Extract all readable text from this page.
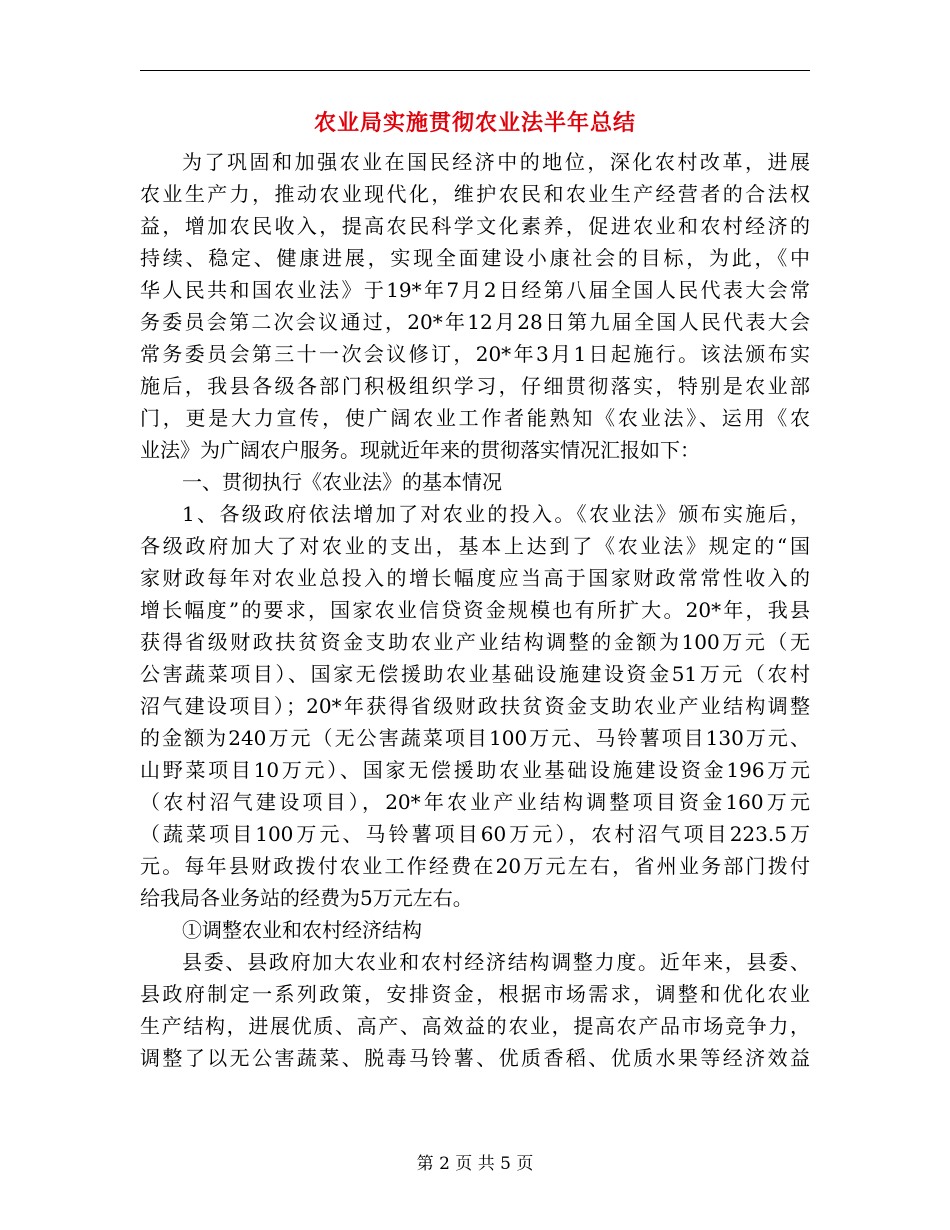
农业局实施贯彻农业法半年总结
为了巩固和加强农业在国民经济中的地位，深化农村改革，进展
农业生产力，推动农业现代化，维护农民和农业生产经营者的合法权
益，增加农民收入，提高农民科学文化素养，促进农业和农村经济的
持续、稳定、健康进展，实现全面建设小康社会的目标，为此，《中
华人民共和国农业法》于19*年7月2日经第八届全国人民代表大会常
务委员会第二次会议通过，20*年12月28日第九届全国人民代表大会
常务委员会第三十一次会议修订，20*年3月1日起施行。该法颁布实
施后，我县各级各部门积极组织学习，仔细贯彻落实，特别是农业部
门，更是大力宣传，使广阔农业工作者能熟知《农业法》、运用《农
业法》为广阔农户服务。现就近年来的贯彻落实情况汇报如下：
一、贯彻执行《农业法》的基本情况
1、各级政府依法增加了对农业的投入。《农业法》颁布实施后，
各级政府加大了对农业的支出，基本上达到了《农业法》规定的“国
家财政每年对农业总投入的增长幅度应当高于国家财政常常性收入的
增长幅度”的要求，国家农业信贷资金规模也有所扩大。20*年，我县
获得省级财政扶贫资金支助农业产业结构调整的金额为100万元（无
公害蔬菜项目）、国家无偿援助农业基础设施建设资金51万元（农村
沼气建设项目）；20*年获得省级财政扶贫资金支助农业产业结构调整
的金额为240万元（无公害蔬菜项目100万元、马铃薯项目130万元、
山野菜项目10万元）、国家无偿援助农业基础设施建设资金196万元
（农村沼气建设项目），20*年农业产业结构调整项目资金160万元
（蔬菜项目100万元、马铃薯项目60万元），农村沼气项目223.5万
元。每年县财政拨付农业工作经费在20万元左右，省州业务部门拨付
给我局各业务站的经费为5万元左右。
①调整农业和农村经济结构
县委、县政府加大农业和农村经济结构调整力度。近年来，县委、
县政府制定一系列政策，安排资金，根据市场需求，调整和优化农业
生产结构，进展优质、高产、高效益的农业，提高农产品市场竞争力，
调整了以无公害蔬菜、脱毒马铃薯、优质香稻、优质水果等经济效益
第 2 页 共 5 页
